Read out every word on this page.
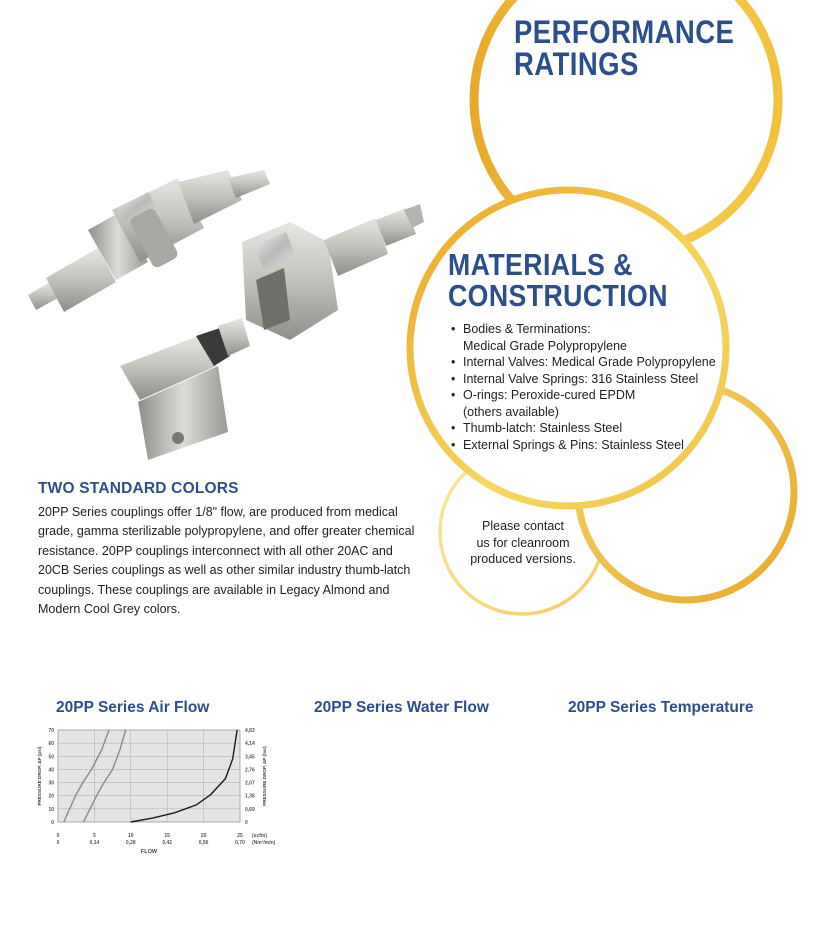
PERFORMANCE
RATINGS
MATERIALS &
CONSTRUCTION
• Bodies & Terminations:
Medical Grade Polypropylene
• Internal Valves: Medical Grade Polypropylene
• Internal Valve Springs: 316 Stainless Steel
• O-rings: Peroxide-cured EPDM
(others available)
• Thumb-latch: Stainless Steel
• External Springs & Pins: Stainless Steel
Please contact
us for cleanroom
produced versions.
TWO STANDARD COLORS
20PP Series couplings offer 1/8" flow, are produced from medical
grade, gamma sterilizable polypropylene, and offer greater chemical
resistance. 20PP couplings interconnect with all other 20AC and
20CB Series couplings as well as other similar industry thumb-latch
couplings. These couplings are available in Legacy Almond and
Modern Cool Grey colors.
20PP Series Air Flow	20PP Series Water Flow	20PP Series Temperature
0	0
10	0,69
20	1,38
30	2,07
40	2,76
50	3,45
60	4,14
70	4,83
0
0
5
0,14
10
0,28
15
0,42
20
0,56
25
0,70
(scfm)
(Nm³/min)
FLOW
PRESSURE DROP, ΔP (psi)	PRESSURE DROP, ΔP (bar)
